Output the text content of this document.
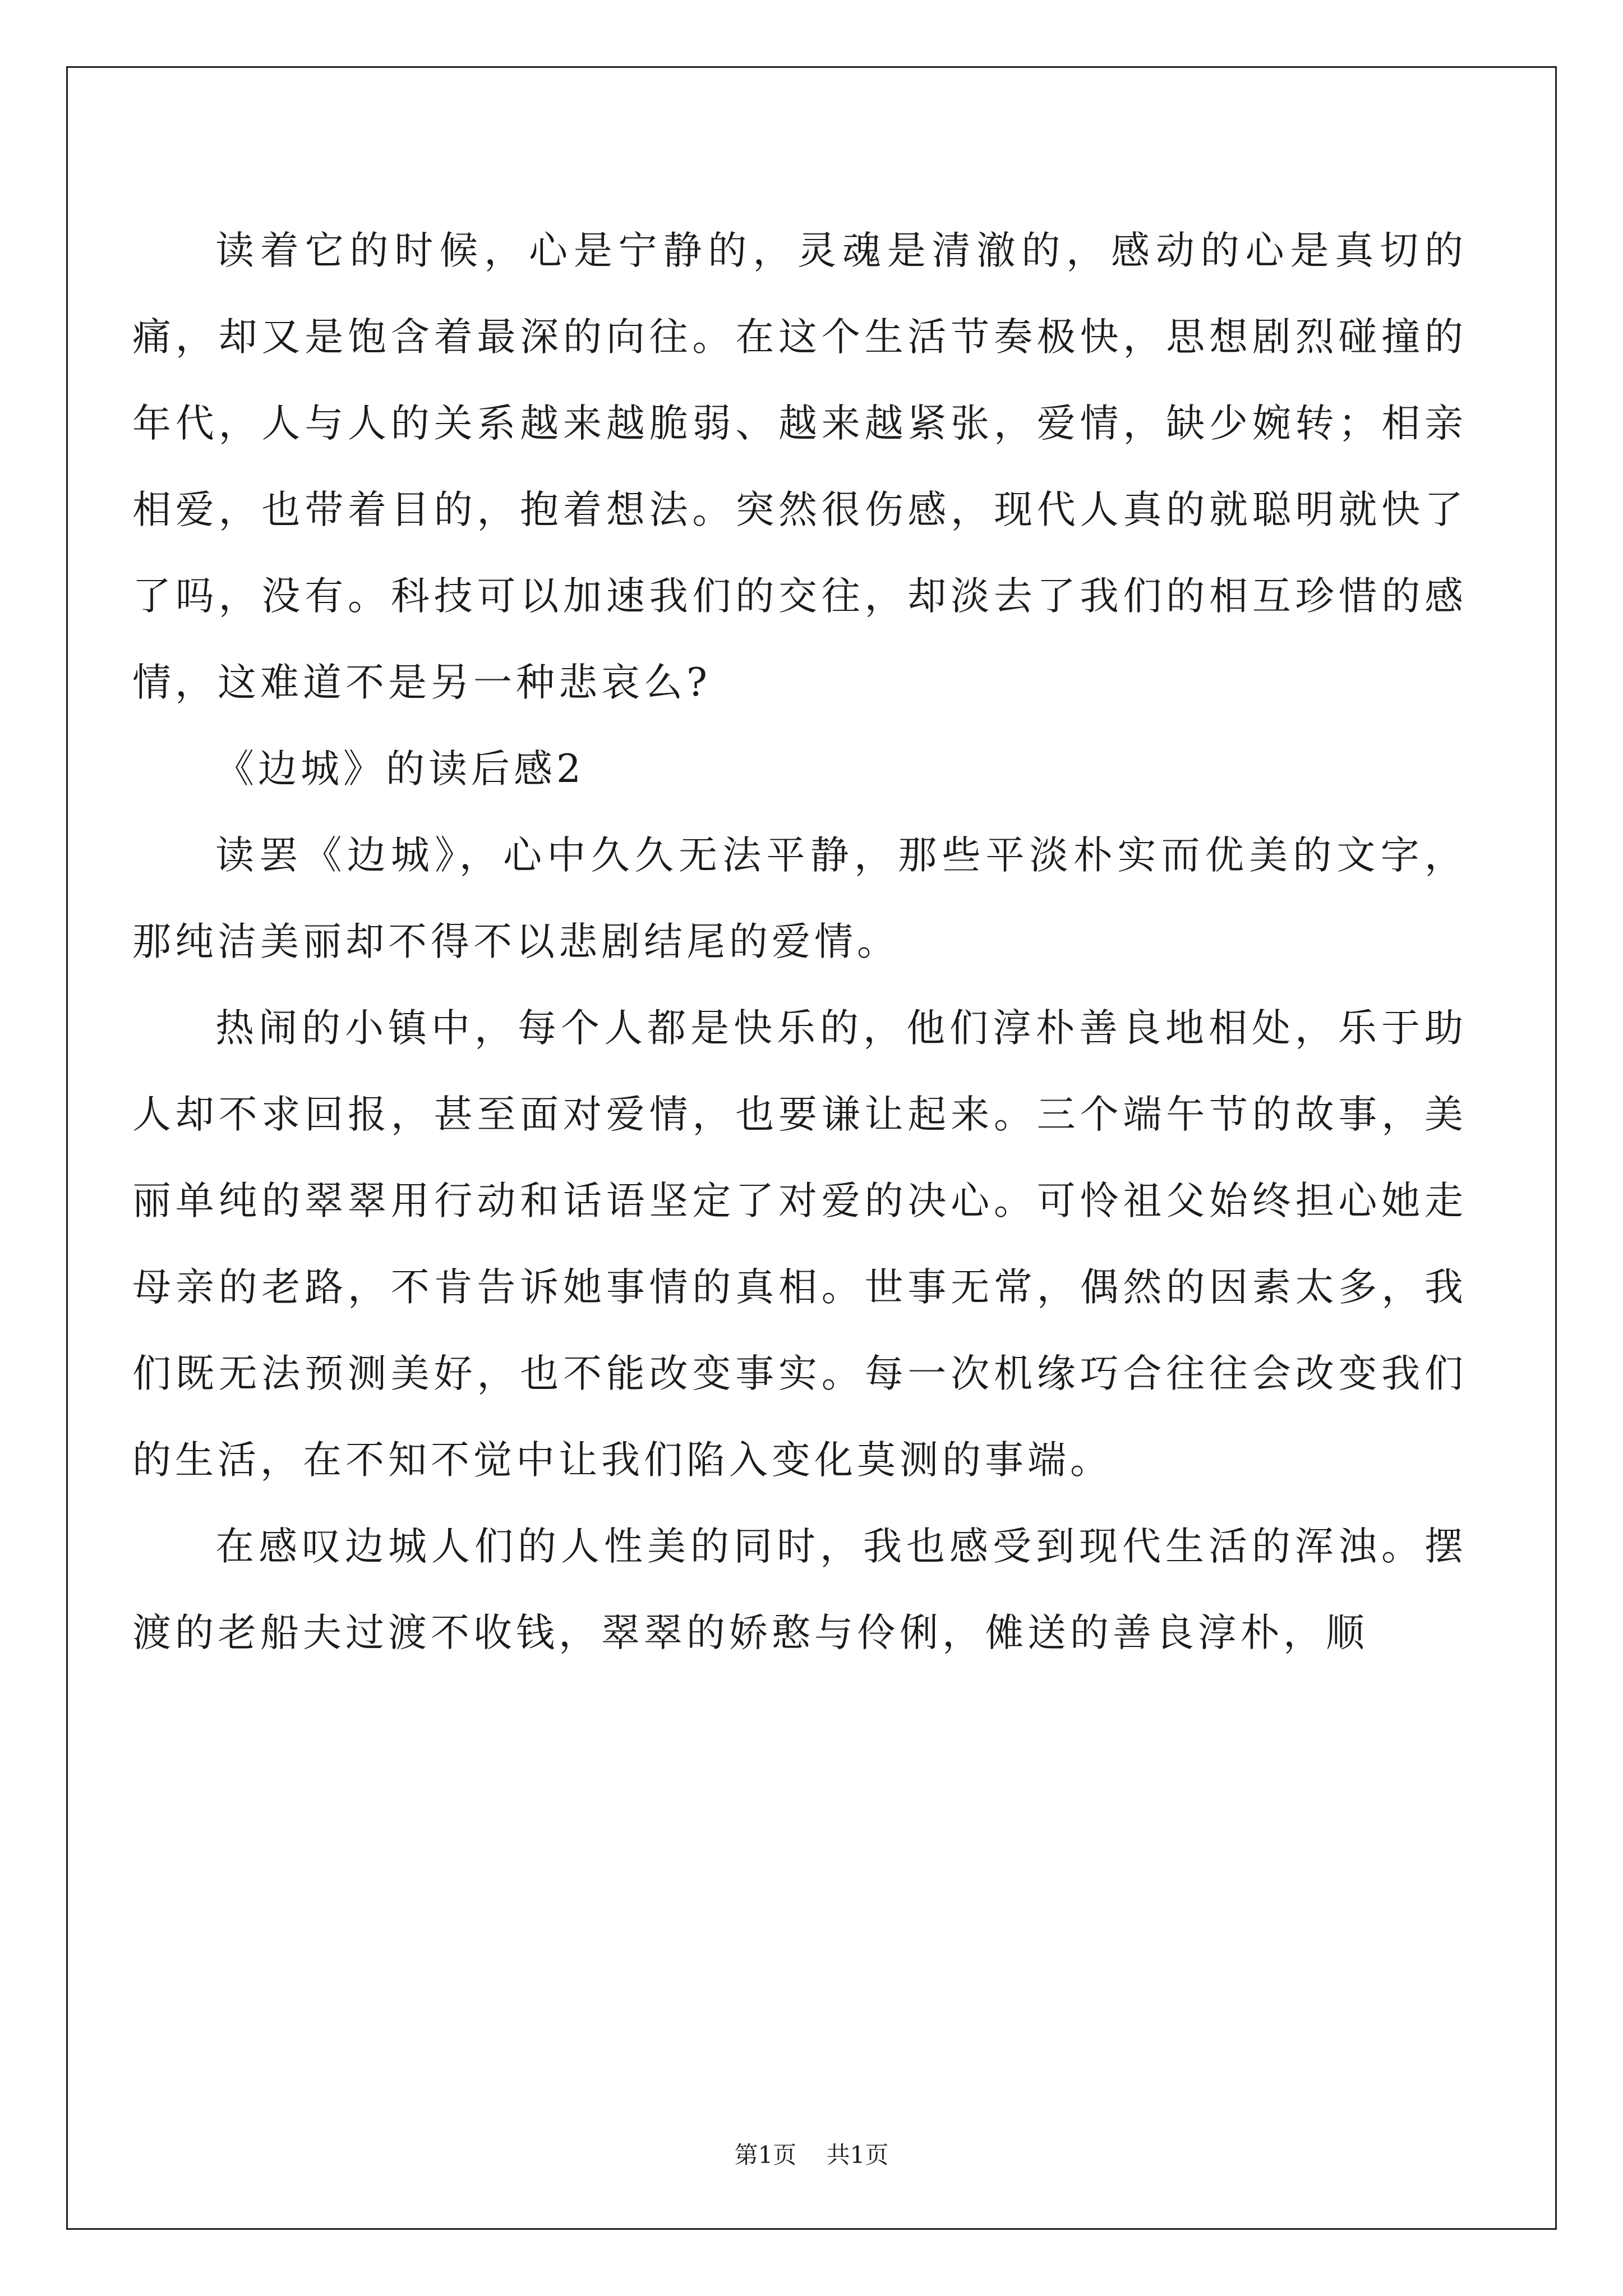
读着它的时候，心是宁静的，灵魂是清澈的，感动的心是真切的痛，却又是饱含着最深的向往。在这个生活节奏极快，思想剧烈碰撞的年代，人与人的关系越来越脆弱、越来越紧张，爱情，缺少婉转；相亲相爱，也带着目的，抱着想法。突然很伤感，现代人真的就聪明就快了了吗，没有。科技可以加速我们的交往，却淡去了我们的相互珍惜的感情，这难道不是另一种悲哀么?

《边城》的读后感2

读罢《边城》，心中久久无法平静，那些平淡朴实而优美的文字，那纯洁美丽却不得不以悲剧结尾的爱情。

热闹的小镇中，每个人都是快乐的，他们淳朴善良地相处，乐于助人却不求回报，甚至面对爱情，也要谦让起来。三个端午节的故事，美丽单纯的翠翠用行动和话语坚定了对爱的决心。可怜祖父始终担心她走母亲的老路，不肯告诉她事情的真相。世事无常，偶然的因素太多，我们既无法预测美好，也不能改变事实。每一次机缘巧合往往会改变我们的生活，在不知不觉中让我们陷入变化莫测的事端。

在感叹边城人们的人性美的同时，我也感受到现代生活的浑浊。摆渡的老船夫过渡不收钱，翠翠的娇憨与伶俐，傩送的善良淳朴，顺

第1页 共1页
